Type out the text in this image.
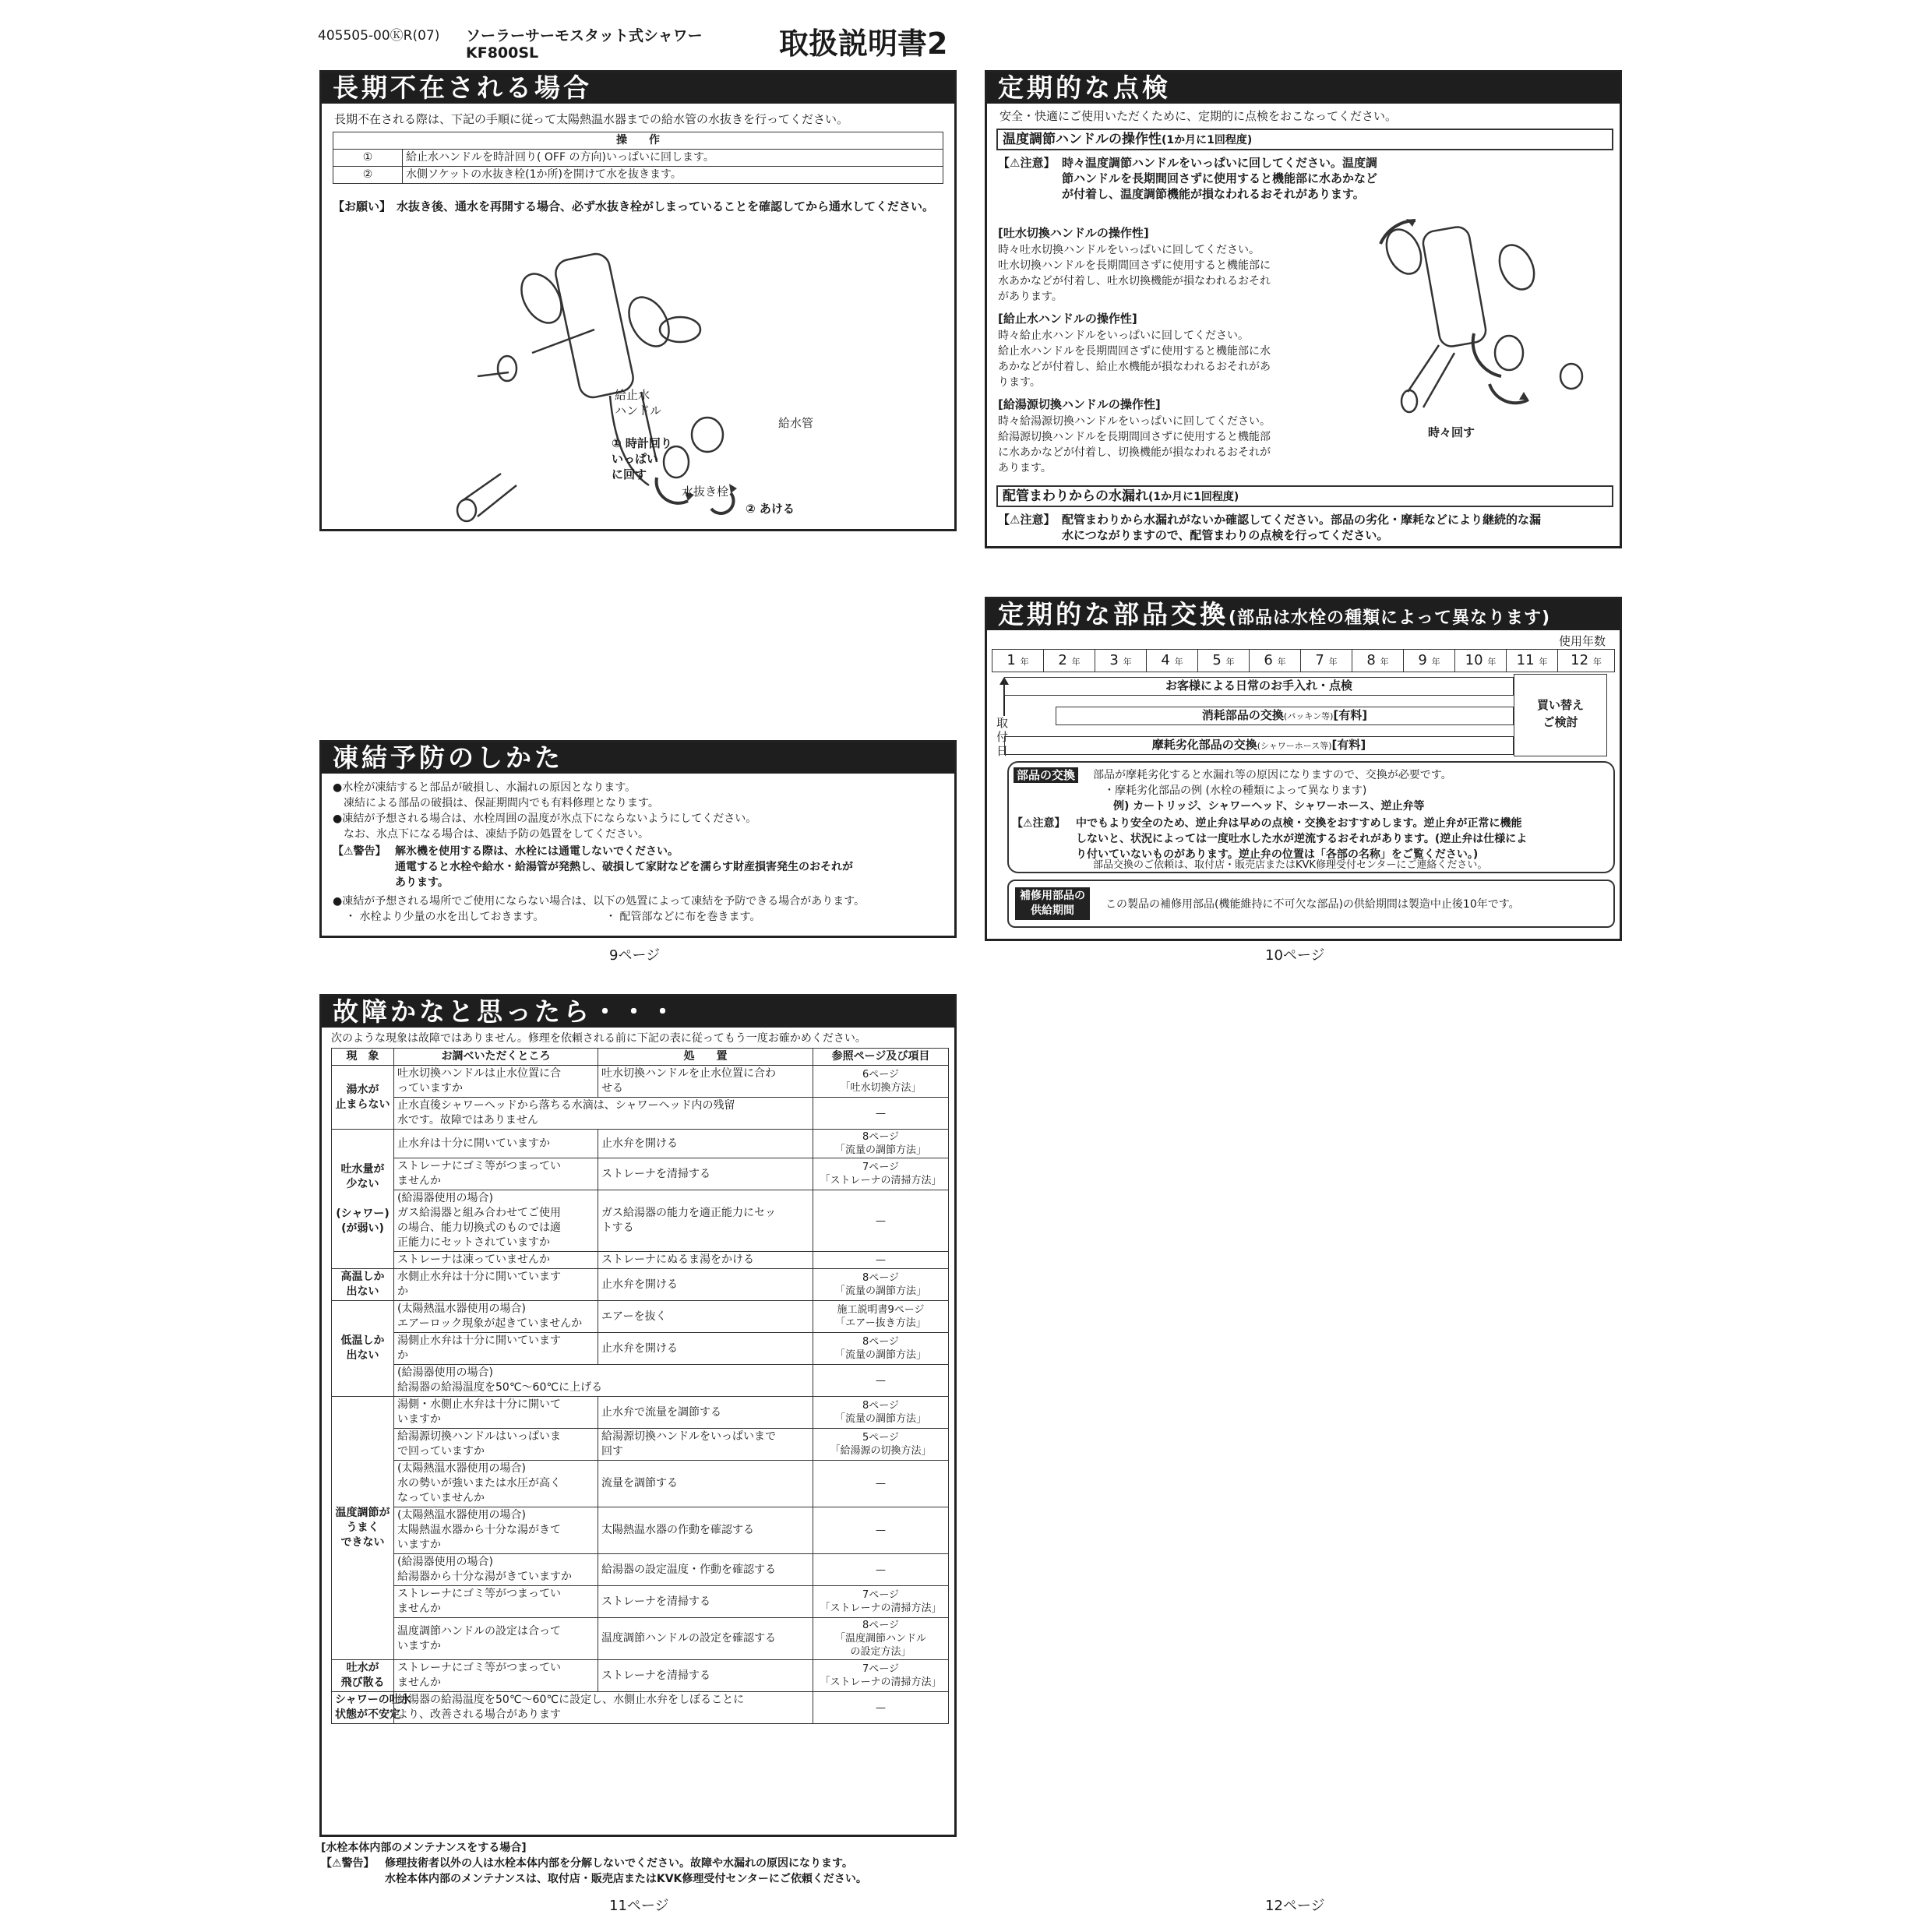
405505-00ⓀR(07) ソーラーサーモスタット式シャワー
KF800SL	取扱説明書2
長期不在される場合
長期不在される際は、下記の手順に従って太陽熱温水器までの給水管の水抜きを行ってください。
操　　作	
①	給止水ハンドルを時計回り( OFF の方向)いっぱいに回します。
②	水側ソケットの水抜き栓(1か所)を開けて水を抜きます。
【お願い】 水抜き後、通水を再開する場合、必ず水抜き栓がしまっていることを確認してから通水してください。
給止水
ハンドル
給水管
① 時計回り
いっぱい
に回す
水抜き栓
② あける
定期的な点検
安全・快適にご使用いただくために、定期的に点検をおこなってください。
温度調節ハンドルの操作性(1か月に1回程度)
【⚠注意】 時々温度調節ハンドルをいっぱいに回してください。温度調節ハンドルを長期間回さずに使用すると機能部に水あかなどが付着し、温度調節機能が損なわれるおそれがあります。
[吐水切換ハンドルの操作性]
時々吐水切換ハンドルをいっぱいに回してください。
吐水切換ハンドルを長期間回さずに使用すると機能部に
水あかなどが付着し、吐水切換機能が損なわれるおそれ
があります。
[給止水ハンドルの操作性]
時々給止水ハンドルをいっぱいに回してください。
給止水ハンドルを長期間回さずに使用すると機能部に水
あかなどが付着し、給止水機能が損なわれるおそれがあ
ります。
[給湯源切換ハンドルの操作性]
時々給湯源切換ハンドルをいっぱいに回してください。
給湯源切換ハンドルを長期間回さずに使用すると機能部
に水あかなどが付着し、切換機能が損なわれるおそれが
あります。
時々回す
配管まわりからの水漏れ(1か月に1回程度)
【⚠注意】 配管まわりから水漏れがないか確認してください。部品の劣化・摩耗などにより継続的な漏
水につながりますので、配管まわりの点検を行ってください。
定期的な部品交換(部品は水栓の種類によって異なります)
使用年数
1 年	2 年	3 年	4 年	5 年	6 年	7 年	8 年	9 年	10 年	11 年	12 年
取
付
日
お客様による日常のお手入れ・点検
消耗部品の交換(パッキン等)[有料]
摩耗劣化部品の交換(シャワーホース等)[有料]
買い替え
ご検討
部品の交換 部品が摩耗劣化すると水漏れ等の原因になりますので、交換が必要です。
・摩耗劣化部品の例 (水栓の種類によって異なります)
例) カートリッジ、シャワーヘッド、シャワーホース、逆止弁等
【⚠注意】 中でもより安全のため、逆止弁は早めの点検・交換をおすすめします。逆止弁が正常に機能
しないと、状況によっては一度吐水した水が逆流するおそれがあります。(逆止弁は仕様によ
り付いていないものがあります。逆止弁の位置は「各部の名称」をご覧ください。)
部品交換のご依頼は、取付店・販売店またはKVK修理受付センターにご連絡ください。
補修用部品の
供給期間	この製品の補修用部品(機能維持に不可欠な部品)の供給期間は製造中止後10年です。
凍結予防のしかた
●水栓が凍結すると部品が破損し、水漏れの原因となります。
　凍結による部品の破損は、保証期間内でも有料修理となります。
●凍結が予想される場合は、水栓周囲の温度が氷点下にならないようにしてください。
　なお、氷点下になる場合は、凍結予防の処置をしてください。
【⚠警告】 解氷機を使用する際は、水栓には通電しないでください。
通電すると水栓や給水・給湯管が発熱し、破損して家財などを濡らす財産損害発生のおそれが
あります。
●凍結が予想される場所でご使用にならない場合は、以下の処置によって凍結を予防できる場合があります。
・ 水栓より少量の水を出しておきます。	・ 配管部などに布を巻きます。
9ページ	10ページ
故障かなと思ったら・・・
次のような現象は故障ではありません。修理を依頼される前に下記の表に従ってもう一度お確かめください。
現　象	お調べいただくところ	処　　置	参照ページ及び項目
湯水が
止まらない	吐水切換ハンドルは止水位置に合
っていますか	吐水切換ハンドルを止水位置に合わ
せる	6ページ
「吐水切換方法」
	止水直後シャワーヘッドから落ちる水滴は、シャワーヘッド内の残留
水です。故障ではありません		—
吐水量が
少ない

(シャワー)
(が弱い)	止水弁は十分に開いていますか	止水弁を開ける	8ページ
「流量の調節方法」
	ストレーナにゴミ等がつまってい
ませんか	ストレーナを清掃する	7ページ
「ストレーナの清掃方法」
	(給湯器使用の場合)
ガス給湯器と組み合わせてご使用
の場合、能力切換式のものでは適
正能力にセットされていますか	ガス給湯器の能力を適正能力にセッ
トする	—
	ストレーナは凍っていませんか	ストレーナにぬるま湯をかける	—
高温しか
出ない	水側止水弁は十分に開いています
か	止水弁を開ける	8ページ
「流量の調節方法」
低温しか
出ない	(太陽熱温水器使用の場合)
エアーロック現象が起きていませんか	エアーを抜く	施工説明書9ページ
「エアー抜き方法」
	湯側止水弁は十分に開いています
か	止水弁を開ける	8ページ
「流量の調節方法」
	(給湯器使用の場合)
給湯器の給湯温度を50℃～60℃に上げる		—
温度調節が
うまく
できない	湯側・水側止水弁は十分に開いて
いますか	止水弁で流量を調節する	8ページ
「流量の調節方法」
	給湯源切換ハンドルはいっぱいま
で回っていますか	給湯源切換ハンドルをいっぱいまで
回す	5ページ
「給湯源の切換方法」
	(太陽熱温水器使用の場合)
水の勢いが強いまたは水圧が高く
なっていませんか	流量を調節する	—
	(太陽熱温水器使用の場合)
太陽熱温水器から十分な湯がきて
いますか	太陽熱温水器の作動を確認する	—
	(給湯器使用の場合)
給湯器から十分な湯がきていますか	給湯器の設定温度・作動を確認する	—
	ストレーナにゴミ等がつまってい
ませんか	ストレーナを清掃する	7ページ
「ストレーナの清掃方法」
	温度調節ハンドルの設定は合って
いますか	温度調節ハンドルの設定を確認する	8ページ
「温度調節ハンドル
の設定方法」
吐水が
飛び散る	ストレーナにゴミ等がつまってい
ませんか	ストレーナを清掃する	7ページ
「ストレーナの清掃方法」
シャワーの吐水
状態が不安定	給湯器の給湯温度を50℃～60℃に設定し、水側止水弁をしぼることに
より、改善される場合があります		—
[水栓本体内部のメンテナンスをする場合]
【⚠警告】 修理技術者以外の人は水栓本体内部を分解しないでください。故障や水漏れの原因になります。
水栓本体内部のメンテナンスは、取付店・販売店またはKVK修理受付センターにご依頼ください。
11ページ	12ページ
